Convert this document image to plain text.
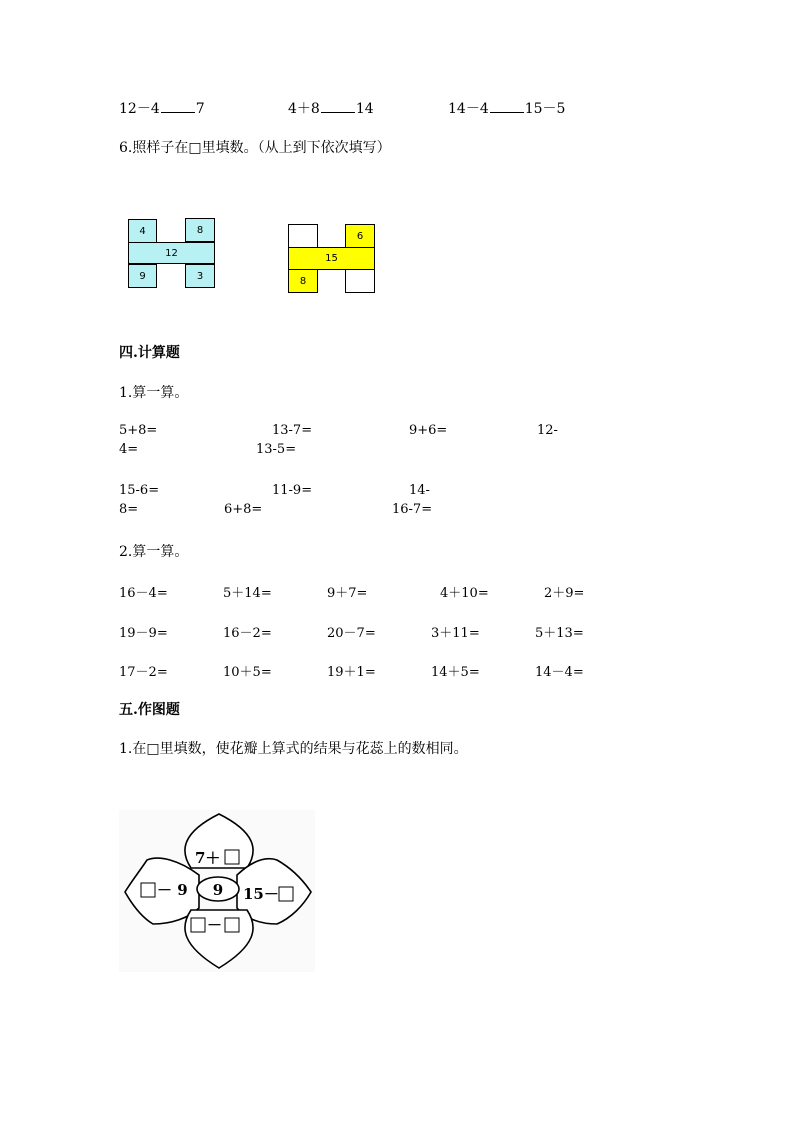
12－4	7	4＋8	14	14－4	15－5
6.照样子在□里填数。（从上到下依次填写）
4	8
12
9	3
6
15
8
四.计算题
1.算一算。
5+8=	13-7=	9+6=	12-
4=	13-5=
15-6=	11-9=	14-
8=	6+8=	16-7=
2.算一算。
16－4=	5＋14=	9＋7=	4＋10=	2＋9=
19－9=	16－2=	20－7=	3＋11=	5＋13=
17－2=	10＋5=	19＋1=	14＋5=	14－4=
五.作图题
1.在□里填数，使花瓣上算式的结果与花蕊上的数相同。
9
7＋
－ 9	15－
－
